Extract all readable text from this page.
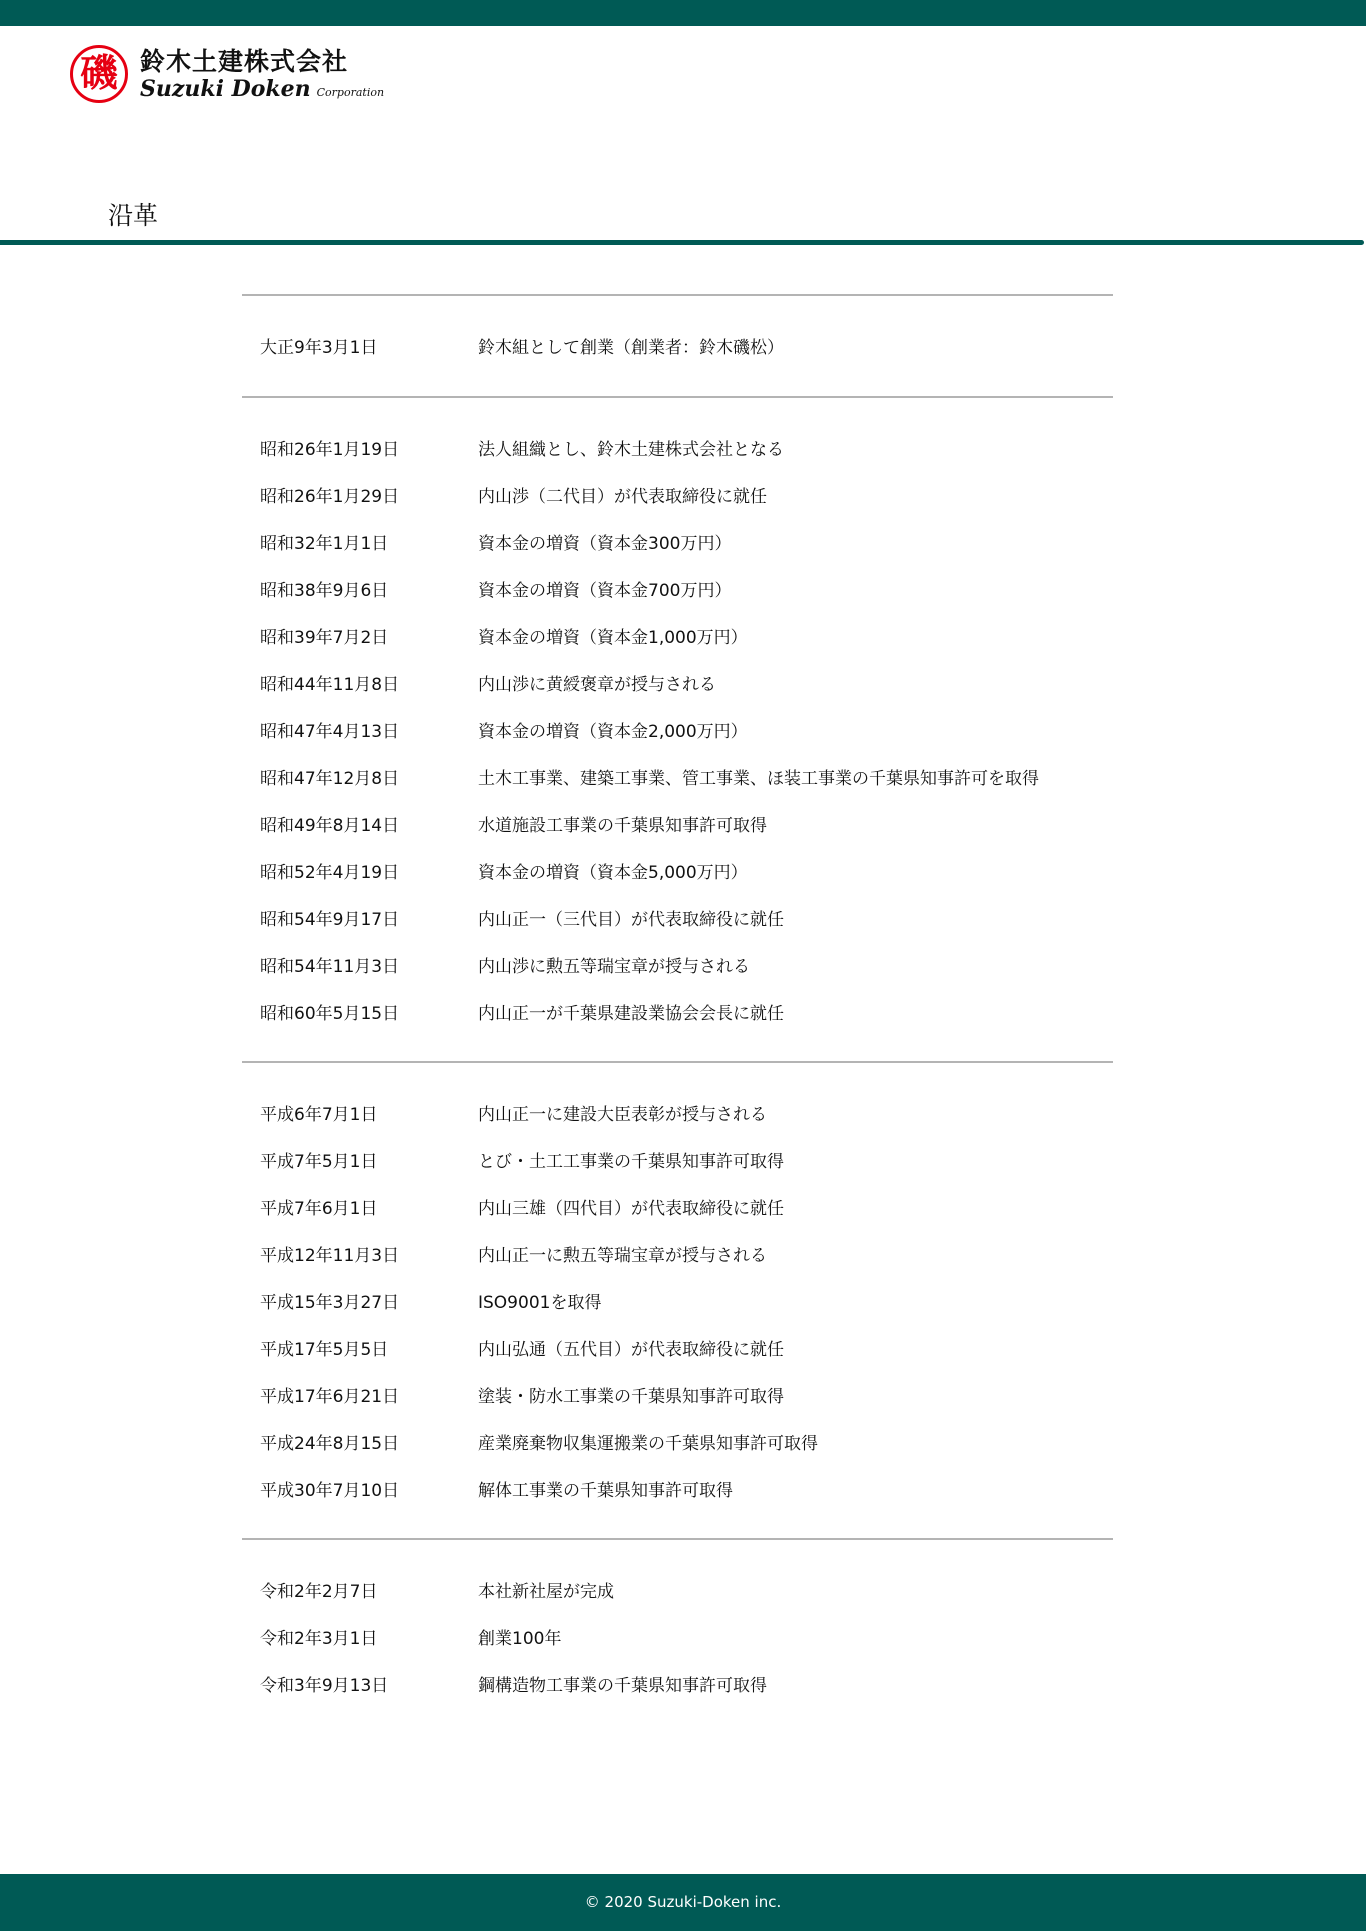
磯 鈴木土建株式会社
Suzuki Doken Corporation
沿革
大正9年3月1日	鈴木組として創業（創業者：鈴木磯松）
昭和26年1月19日	法人組織とし、鈴木土建株式会社となる
昭和26年1月29日	内山渉（二代目）が代表取締役に就任
昭和32年1月1日	資本金の増資（資本金300万円）
昭和38年9月6日	資本金の増資（資本金700万円）
昭和39年7月2日	資本金の増資（資本金1,000万円）
昭和44年11月8日	内山渉に黄綬褒章が授与される
昭和47年4月13日	資本金の増資（資本金2,000万円）
昭和47年12月8日	土木工事業、建築工事業、管工事業、ほ装工事業の千葉県知事許可を取得
昭和49年8月14日	水道施設工事業の千葉県知事許可取得
昭和52年4月19日	資本金の増資（資本金5,000万円）
昭和54年9月17日	内山正一（三代目）が代表取締役に就任
昭和54年11月3日	内山渉に勲五等瑞宝章が授与される
昭和60年5月15日	内山正一が千葉県建設業協会会長に就任
平成6年7月1日	内山正一に建設大臣表彰が授与される
平成7年5月1日	とび・土工工事業の千葉県知事許可取得
平成7年6月1日	内山三雄（四代目）が代表取締役に就任
平成12年11月3日	内山正一に勲五等瑞宝章が授与される
平成15年3月27日	ISO9001を取得
平成17年5月5日	内山弘通（五代目）が代表取締役に就任
平成17年6月21日	塗装・防水工事業の千葉県知事許可取得
平成24年8月15日	産業廃棄物収集運搬業の千葉県知事許可取得
平成30年7月10日	解体工事業の千葉県知事許可取得
令和2年2月7日	本社新社屋が完成
令和2年3月1日	創業100年
令和3年9月13日	鋼構造物工事業の千葉県知事許可取得
© 2020 Suzuki-Doken inc.
